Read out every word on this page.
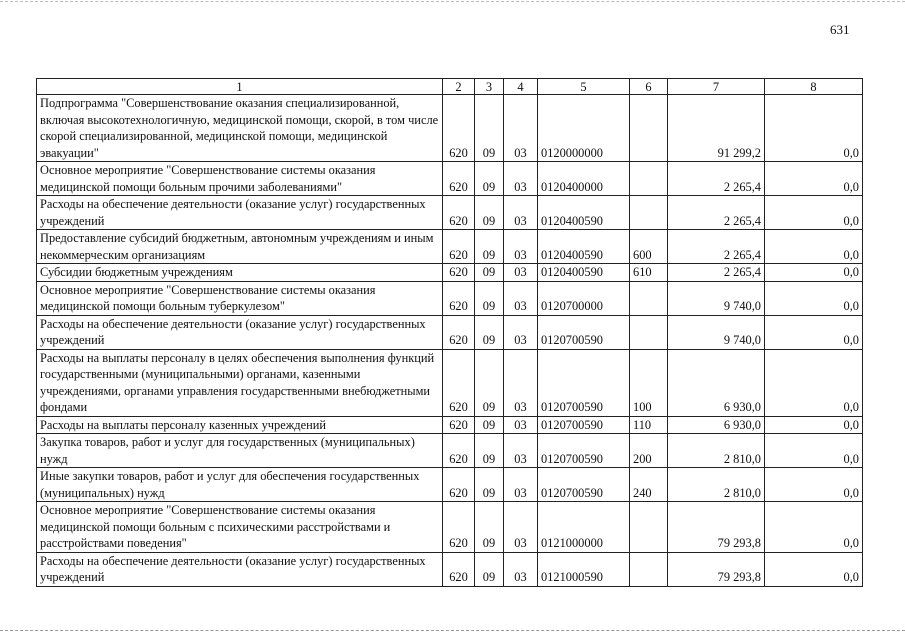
631
1	2	3	4	5	6	7	8
Подпрограмма "Совершенствование оказания специализированной, включая высокотехнологичную, медицинской помощи, скорой, в том числе скорой специализированной, медицинской помощи, медицинской эвакуации"	620	09	03	0120000000		91 299,2	0,0
Основное мероприятие "Совершенствование системы оказания медицинской помощи больным прочими заболеваниями"	620	09	03	0120400000		2 265,4	0,0
Расходы на обеспечение деятельности (оказание услуг) государственных учреждений	620	09	03	0120400590		2 265,4	0,0
Предоставление субсидий бюджетным, автономным учреждениям и иным некоммерческим организациям	620	09	03	0120400590	600	2 265,4	0,0
Субсидии бюджетным учреждениям	620	09	03	0120400590	610	2 265,4	0,0
Основное мероприятие "Совершенствование системы оказания медицинской помощи больным туберкулезом"	620	09	03	0120700000		9 740,0	0,0
Расходы на обеспечение деятельности (оказание услуг) государственных учреждений	620	09	03	0120700590		9 740,0	0,0
Расходы на выплаты персоналу в целях обеспечения выполнения функций государственными (муниципальными) органами, казенными учреждениями, органами управления государственными внебюджетными фондами	620	09	03	0120700590	100	6 930,0	0,0
Расходы на выплаты персоналу казенных учреждений	620	09	03	0120700590	110	6 930,0	0,0
Закупка товаров, работ и услуг для государственных (муниципальных) нужд	620	09	03	0120700590	200	2 810,0	0,0
Иные закупки товаров, работ и услуг для обеспечения государственных (муниципальных) нужд	620	09	03	0120700590	240	2 810,0	0,0
Основное мероприятие "Совершенствование системы оказания медицинской помощи больным с психическими расстройствами и расстройствами поведения"	620	09	03	0121000000		79 293,8	0,0
Расходы на обеспечение деятельности (оказание услуг) государственных учреждений	620	09	03	0121000590		79 293,8	0,0
